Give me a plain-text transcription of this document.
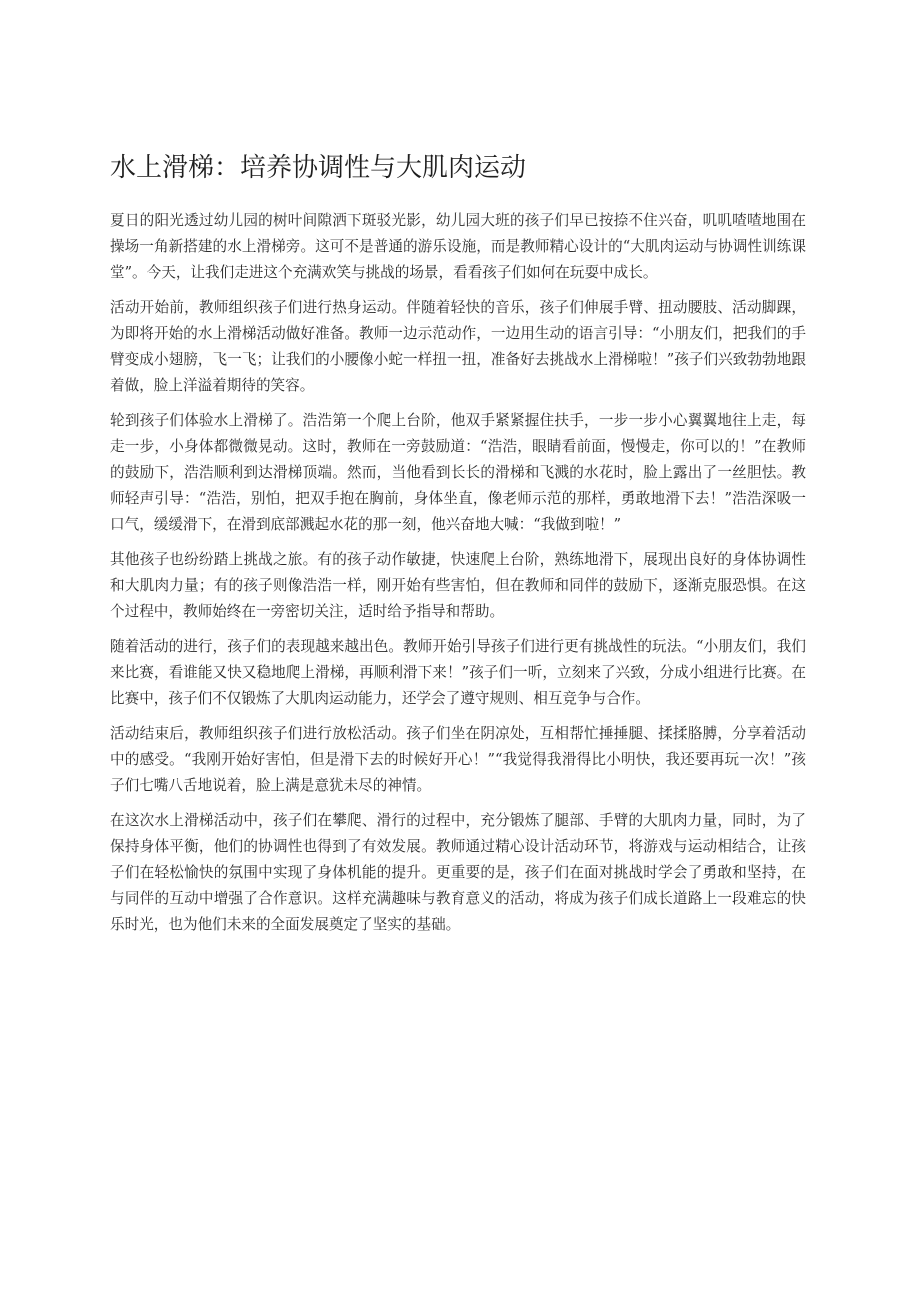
水上滑梯：培养协调性与大肌肉运动

夏日的阳光透过幼儿园的树叶间隙洒下斑驳光影，幼儿园大班的孩子们早已按捺不住兴奋，叽叽喳喳地围在操场一角新搭建的水上滑梯旁。这可不是普通的游乐设施，而是教师精心设计的“大肌肉运动与协调性训练课堂”。今天，让我们走进这个充满欢笑与挑战的场景，看看孩子们如何在玩耍中成长。

活动开始前，教师组织孩子们进行热身运动。伴随着轻快的音乐，孩子们伸展手臂、扭动腰肢、活动脚踝，为即将开始的水上滑梯活动做好准备。教师一边示范动作，一边用生动的语言引导：“小朋友们，把我们的手臂变成小翅膀，飞一飞；让我们的小腰像小蛇一样扭一扭，准备好去挑战水上滑梯啦！”孩子们兴致勃勃地跟着做，脸上洋溢着期待的笑容。

轮到孩子们体验水上滑梯了。浩浩第一个爬上台阶，他双手紧紧握住扶手，一步一步小心翼翼地往上走，每走一步，小身体都微微晃动。这时，教师在一旁鼓励道：“浩浩，眼睛看前面，慢慢走，你可以的！”在教师的鼓励下，浩浩顺利到达滑梯顶端。然而，当他看到长长的滑梯和飞溅的水花时，脸上露出了一丝胆怯。教师轻声引导：“浩浩，别怕，把双手抱在胸前，身体坐直，像老师示范的那样，勇敢地滑下去！”浩浩深吸一口气，缓缓滑下，在滑到底部溅起水花的那一刻，他兴奋地大喊：“我做到啦！”

其他孩子也纷纷踏上挑战之旅。有的孩子动作敏捷，快速爬上台阶，熟练地滑下，展现出良好的身体协调性和大肌肉力量；有的孩子则像浩浩一样，刚开始有些害怕，但在教师和同伴的鼓励下，逐渐克服恐惧。在这个过程中，教师始终在一旁密切关注，适时给予指导和帮助。

随着活动的进行，孩子们的表现越来越出色。教师开始引导孩子们进行更有挑战性的玩法。“小朋友们，我们来比赛，看谁能又快又稳地爬上滑梯，再顺利滑下来！”孩子们一听，立刻来了兴致，分成小组进行比赛。在比赛中，孩子们不仅锻炼了大肌肉运动能力，还学会了遵守规则、相互竞争与合作。

活动结束后，教师组织孩子们进行放松活动。孩子们坐在阴凉处，互相帮忙捶捶腿、揉揉胳膊，分享着活动中的感受。“我刚开始好害怕，但是滑下去的时候好开心！”“我觉得我滑得比小明快，我还要再玩一次！”孩子们七嘴八舌地说着，脸上满是意犹未尽的神情。

在这次水上滑梯活动中，孩子们在攀爬、滑行的过程中，充分锻炼了腿部、手臂的大肌肉力量，同时，为了保持身体平衡，他们的协调性也得到了有效发展。教师通过精心设计活动环节，将游戏与运动相结合，让孩子们在轻松愉快的氛围中实现了身体机能的提升。更重要的是，孩子们在面对挑战时学会了勇敢和坚持，在与同伴的互动中增强了合作意识。这样充满趣味与教育意义的活动，将成为孩子们成长道路上一段难忘的快乐时光，也为他们未来的全面发展奠定了坚实的基础。
